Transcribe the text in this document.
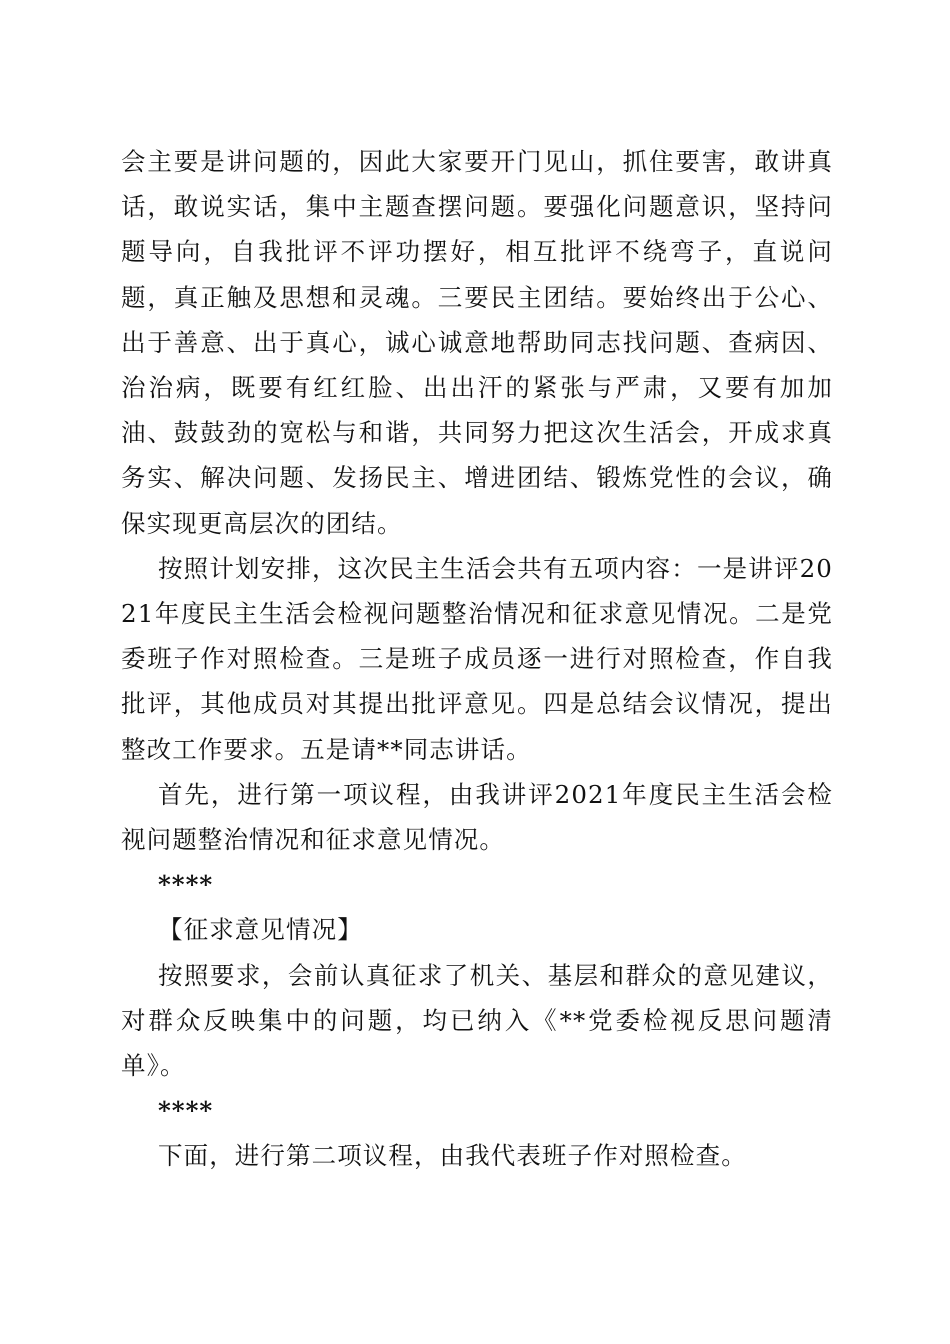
会主要是讲问题的，因此大家要开门见山，抓住要害，敢讲真话，敢说实话，集中主题查摆问题。要强化问题意识，坚持问题导向，自我批评不评功摆好，相互批评不绕弯子，直说问题，真正触及思想和灵魂。三要民主团结。要始终出于公心、出于善意、出于真心，诚心诚意地帮助同志找问题、查病因、治治病，既要有红红脸、出出汗的紧张与严肃，又要有加加油、鼓鼓劲的宽松与和谐，共同努力把这次生活会，开成求真务实、解决问题、发扬民主、增进团结、锻炼党性的会议，确保实现更高层次的团结。

按照计划安排，这次民主生活会共有五项内容：一是讲评2021年度民主生活会检视问题整治情况和征求意见情况。二是党委班子作对照检查。三是班子成员逐一进行对照检查，作自我批评，其他成员对其提出批评意见。四是总结会议情况，提出整改工作要求。五是请**同志讲话。

首先，进行第一项议程，由我讲评2021年度民主生活会检视问题整治情况和征求意见情况。

****

【征求意见情况】

按照要求，会前认真征求了机关、基层和群众的意见建议，对群众反映集中的问题，均已纳入《**党委检视反思问题清单》。

****

下面，进行第二项议程，由我代表班子作对照检查。
